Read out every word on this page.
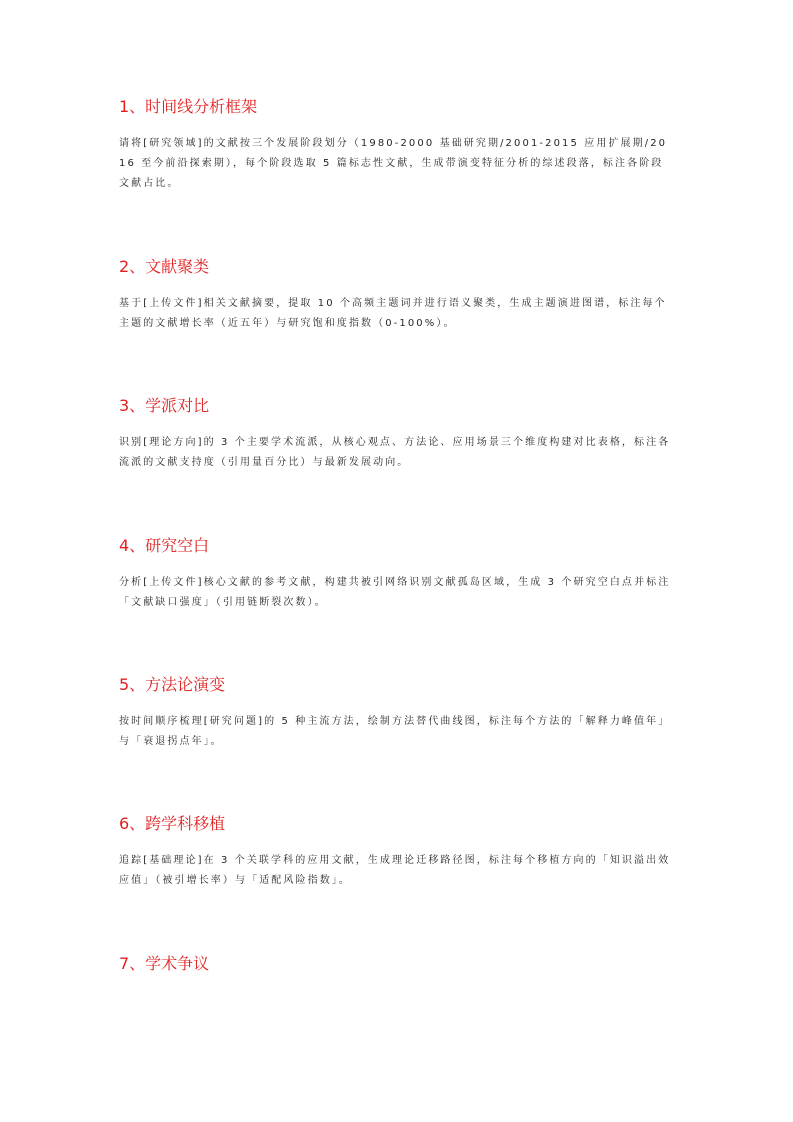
1、时间线分析框架

请将[研究领域]的文献按三个发展阶段划分（1980-2000 基础研究期/2001-2015 应用扩展期/2016 至今前沿探索期），每个阶段选取 5 篇标志性文献，生成带演变特征分析的综述段落，标注各阶段文献占比。

2、文献聚类

基于[上传文件]相关文献摘要，提取 10 个高频主题词并进行语义聚类，生成主题演进图谱，标注每个主题的文献增长率（近五年）与研究饱和度指数（0-100%）。

3、学派对比

识别[理论方向]的 3 个主要学术流派，从核心观点、方法论、应用场景三个维度构建对比表格，标注各流派的文献支持度（引用量百分比）与最新发展动向。

4、研究空白

分析[上传文件]核心文献的参考文献，构建共被引网络识别文献孤岛区域，生成 3 个研究空白点并标注「文献缺口强度」（引用链断裂次数）。

5、方法论演变

按时间顺序梳理[研究问题]的 5 种主流方法，绘制方法替代曲线图，标注每个方法的「解释力峰值年」与「衰退拐点年」。

6、跨学科移植

追踪[基础理论]在 3 个关联学科的应用文献，生成理论迁移路径图，标注每个移植方向的「知识溢出效应值」（被引增长率）与「适配风险指数」。

7、学术争议
